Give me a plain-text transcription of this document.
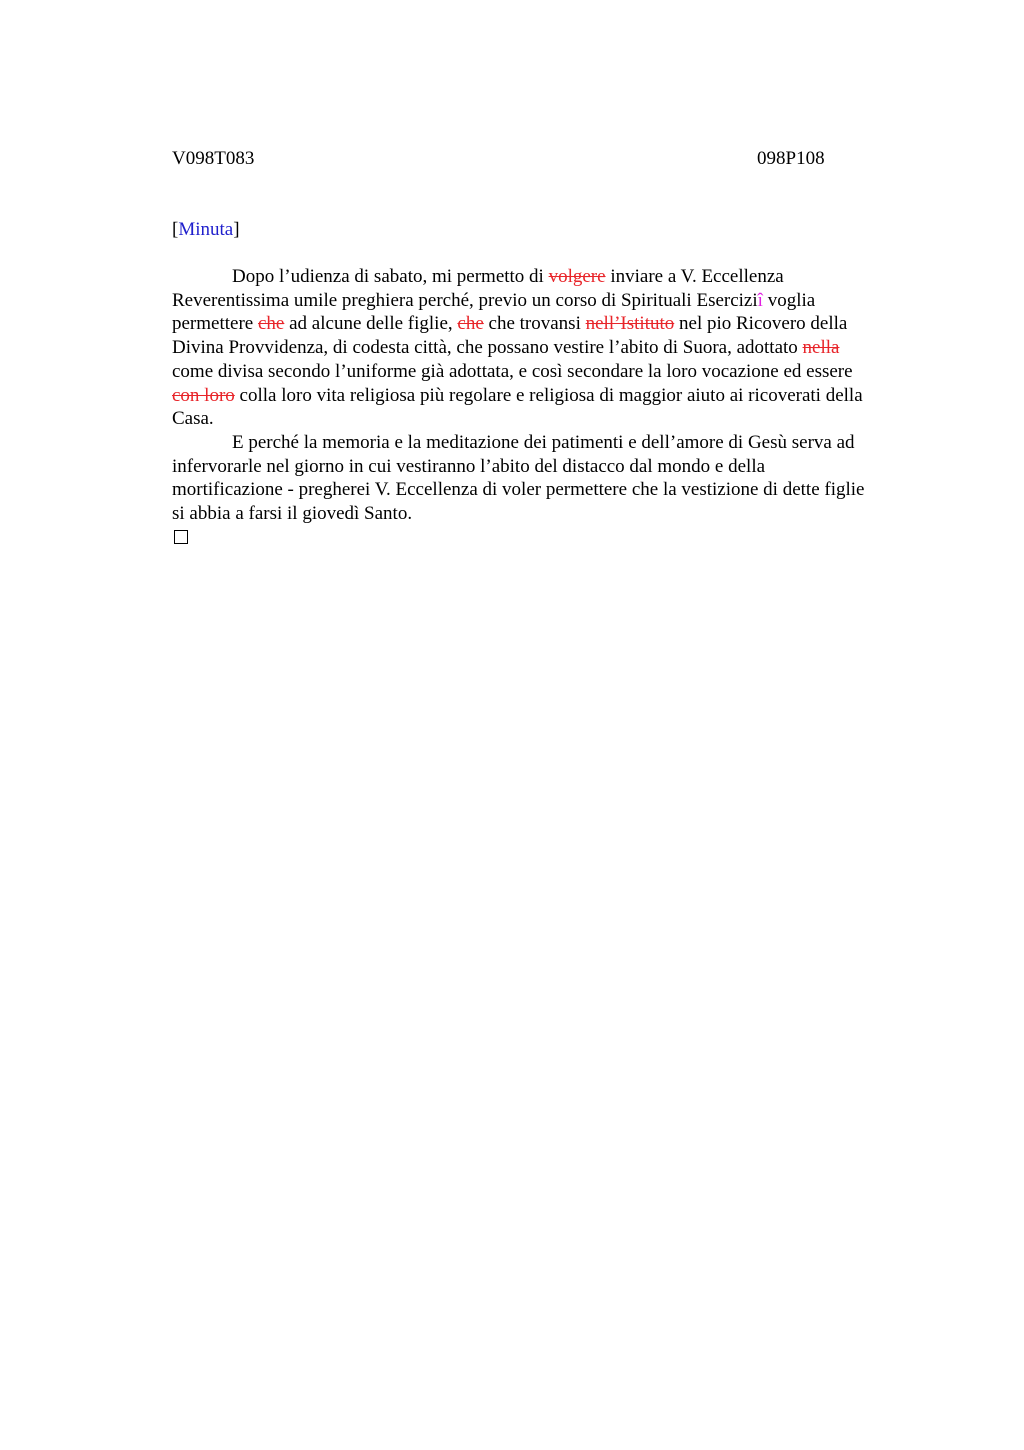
V098T083	098P108
[Minuta]
Dopo l’udienza di sabato, mi permetto di volgere inviare a V. Eccellenza
Reverentissima umile preghiera perché, previo un corso di Spirituali Eserciziî voglia
permettere che ad alcune delle figlie, che che trovansi nell’Istituto nel pio Ricovero della
Divina Provvidenza, di codesta città, che possano vestire l’abito di Suora, adottato nella
come divisa secondo l’uniforme già adottata, e così secondare la loro vocazione ed essere
con loro colla loro vita religiosa più regolare e religiosa di maggior aiuto ai ricoverati della
Casa.
E perché la memoria e la meditazione dei patimenti e dell’amore di Gesù serva ad
infervorarle nel giorno in cui vestiranno l’abito del distacco dal mondo e della
mortificazione - pregherei V. Eccellenza di voler permettere che la vestizione di dette figlie
si abbia a farsi il giovedì Santo.
